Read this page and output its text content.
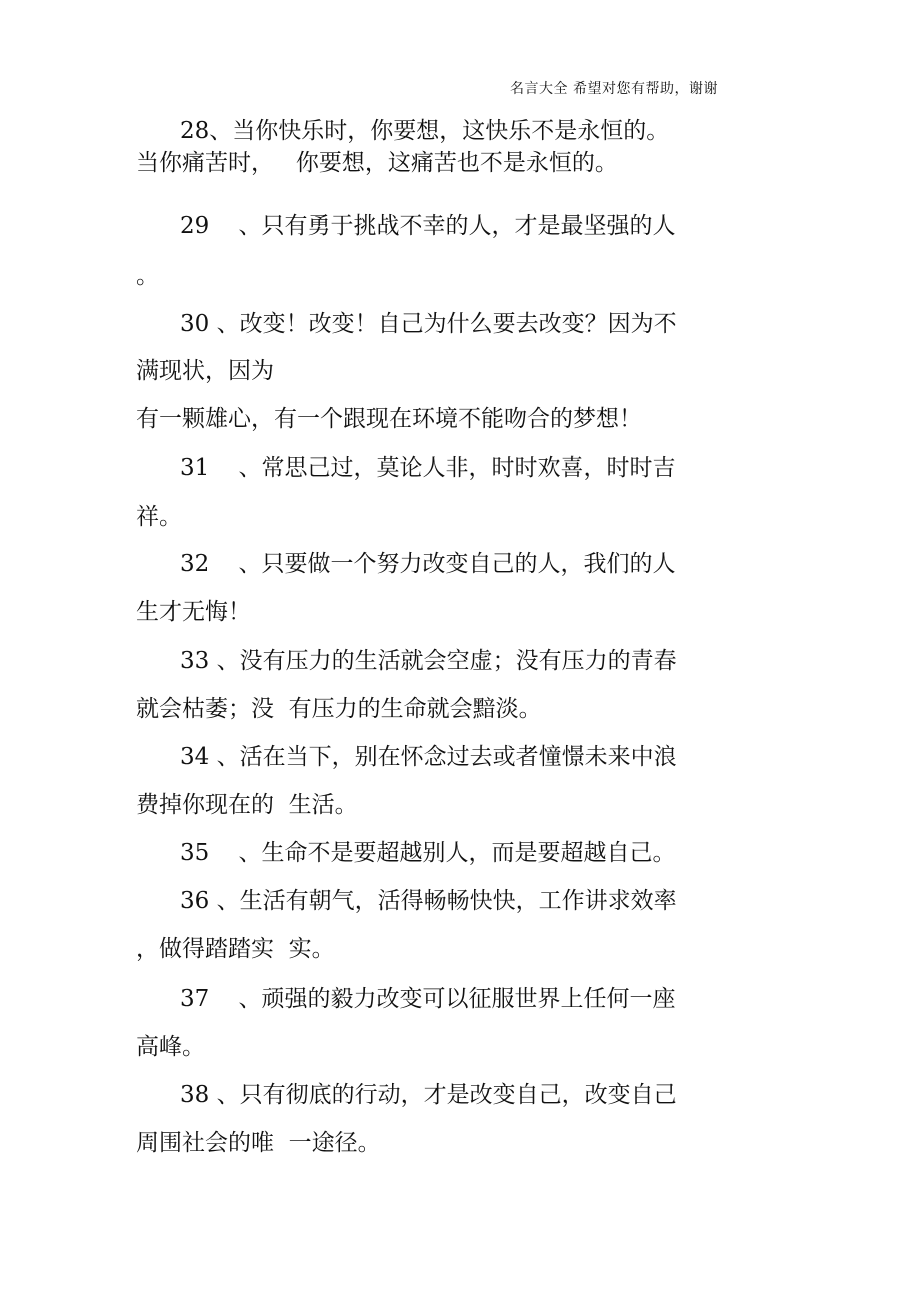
名言大全 希望对您有帮助，谢谢
28、当你快乐时，你要想，这快乐不是永恒的。
当你痛苦时，   你要想，这痛苦也不是永恒的。
29    、只有勇于挑战不幸的人，才是最坚强的人
。
30 、改变！改变！自己为什么要去改变？因为不
满现状，因为
有一颗雄心，有一个跟现在环境不能吻合的梦想！
31    、常思己过，莫论人非，时时欢喜，时时吉
祥。
32    、只要做一个努力改变自己的人，我们的人
生才无悔！
33 、没有压力的生活就会空虚；没有压力的青春
就会枯萎；没  有压力的生命就会黯淡。
34 、活在当下，别在怀念过去或者憧憬未来中浪
费掉你现在的  生活。
35    、生命不是要超越别人，而是要超越自己。
36 、生活有朝气，活得畅畅快快，工作讲求效率
，做得踏踏实  实。
37    、顽强的毅力改变可以征服世界上任何一座
高峰。
38 、只有彻底的行动，才是改变自己，改变自己
周围社会的唯  一途径。
